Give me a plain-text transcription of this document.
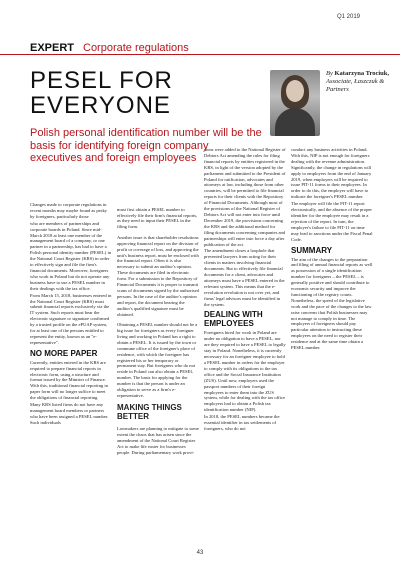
Q1 2019
EXPERT Corporate regulations
PESEL FOR
EVERYONE
Polish personal identification number will be the basis for identifying foreign company executives and foreign employees
By Katarzyna Trociuk,
Associate, Łaszczuk & Partners

Changes made to corporate regulations in recent months may maybe found as pesky by foreigners, particularly those

who are members of partnerships and corporate boards in Poland. Since mid-March 2018 at least one member of the management board of a company, or one partner in a partnership, has had to have a Polish personal identity number (PESEL) in the National Court Register (KRS) in order to effectively sign and file the firm's financial documents. Moreover, foreigners who work in Poland but do not operate any business have to use a PESEL number in their dealings with the tax office.

From March 15, 2018, businesses entered in the National Court Register (KRS) must submit financial reports exclusively via the IT system. Such reports must bear the electronic signature or signature confirmed by a trusted profile on the ePUAP system, for at least one of the persons entitled to represent the entity, known as an "e-representative".

NO MORE PAPER

Currently, entities entered in the KRS are required to prepare financial reports in electronic form, using a structure and format issued by the Minister of Finance. With this, traditional financial reporting in paper form will no longer suffice to meet the obligations of financial reporting.

Many KRS listed firms do not have any management board members or partners who have been assigned a PESEL number. Such individuals

must first obtain a PESEL number to effectively file their firm's financial reports, as they need to input their PESEL in the filing form.

Another issue is that shareholder resolutions approving financial report on the division of profit or coverage of loss, and approving the unit's business report, must be enclosed with the financial report. Often it is also necessary to submit an auditor's opinion. These documents are filed in electronic form. For a submission to the Repository of Financial Documents it is proper to transmit scans of documents signed by the authorised persons. In the case of the auditor's opinion and report, the document bearing the auditor's qualified signature must be obtained.

Obtaining a PESEL number should not be a big issue for foreigners as every foreigner living and working in Poland has a right to obtain a PESEL. It is issued by the town or commune office of the foreigner's place of residence, with which the foreigner has registered his or her temporary or permanent stay. But foreigners who do not reside in Poland can also obtain a PESEL number. The basis for applying for the number is that the person is under an obligation to serve as a firm's e-representative.

MAKING THINGS BETTER

Lawmakers are planning to mitigate to some extent the chaos that has arisen since the amendment of the National Court Register Act to make life easier for businesses people. During parliamentary work provi-

sions were added to the National Register of Debtors Act amending the rules for filing financial reports by entities registered in the KRS, in light of the version adopted by the parliament and submitted to the President of Poland for ratification, advocates and attorneys at law, including those from other countries, will be permitted to file financial reports for their clients with the Repository of Financial Documents. Although most of the provisions of the National Register of Debtors Act will not enter into force until December 2019, the provisions concerning the KRS and the additional method for filing documents concerning companies and partnerships will enter into force a day after publication of the act.

The amendment closes a loophole that prevented lawyers from acting for their clients in matters involving financial documents. But to effectively file financial documents for a client, advocates and attorneys must have a PESEL entered in the relevant system. This means that the e-revolution revolution is not over yet, and firms' legal advisors must be identified in the system.

DEALING WITH EMPLOYEES

Foreigners hired for work in Poland are under no obligation to have a PESEL, nor are they required to have a PESEL to legally stay in Poland. Nonetheless, it is currently necessary for an foreigner employee to hold a PESEL number in orders for the employer to comply with its obligations to the tax office and the Social Insurance Institution (ZUS). Until now, employers used the passport numbers of their foreign employees to enter them into the ZUS system, while for dealing with the tax office employers had to obtain a Polish tax identification number (NIP).

In 2018, the PESEL numbers became the essential identifier in tax settlements of foreigners, who do not

conduct any business activities in Poland. With this, NIP is not enough for foreigners dealing with the revenue administration. Significantly, the change in regulations will apply to employers from the end of January 2019, when employers will be required to issue PIT-11 forms to their employees. In order to do this, the employer will have to indicate the foreigner's PESEL number.

The employer will file the PIT-11 report electronically, and the absence of the proper identifier for the employee may result in a rejection of the report. In turn, the employer's failure to file PIT-11 on time may lead to sanctions under the Fiscal Penal Code.

SUMMARY

The aim of the changes to the preparation and filing of annual financial reports as well as possession of a single identification number for foreigners – the PESEL – is generally positive and should contribute to economic security and improve the functioning of the registry courts. Nonetheless, the speed of the legislative work and the pace of the changes to the law raise concerns that Polish businesses may not manage to comply in time. The employers of foreigners should pay particular attention to instructing these employees on the need to register their residence and at the same time obtain a PESEL number.

43
